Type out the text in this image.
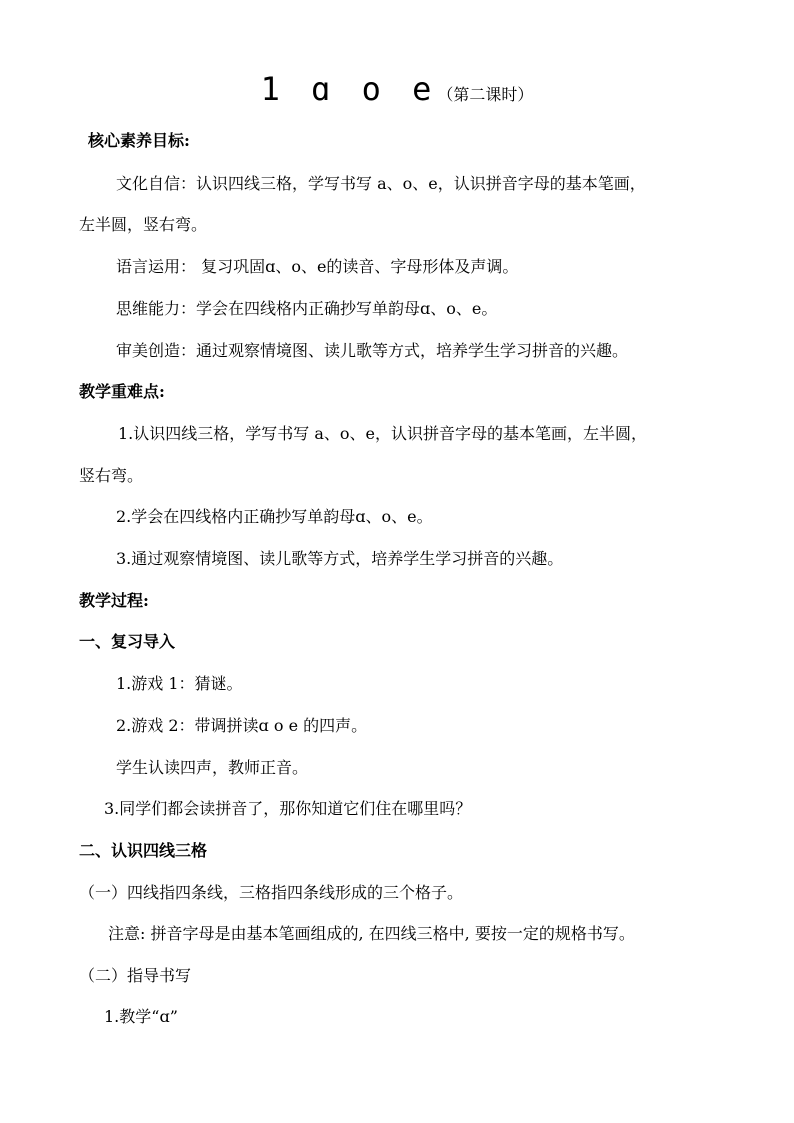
1 ɑ o e（第二课时）
核心素养目标:
文化自信：认识四线三格，学写书写 a、o、e，认识拼音字母的基本笔画，
左半圆，竖右弯。
语言运用： 复习巩固ɑ、o、e的读音、字母形体及声调。
思维能力：学会在四线格内正确抄写单韵母ɑ、o、e。
审美创造：通过观察情境图、读儿歌等方式，培养学生学习拼音的兴趣。
教学重难点:
1.认识四线三格，学写书写 a、o、e，认识拼音字母的基本笔画，左半圆，
竖右弯。
2.学会在四线格内正确抄写单韵母ɑ、o、e。
3.通过观察情境图、读儿歌等方式，培养学生学习拼音的兴趣。
教学过程:
一、复习导入
1.游戏 1：猜谜。
2.游戏 2：带调拼读ɑ o e 的四声。
学生认读四声，教师正音。
3.同学们都会读拼音了，那你知道它们住在哪里吗？
二、认识四线三格
（一）四线指四条线，三格指四条线形成的三个格子。
注意: 拼音字母是由基本笔画组成的, 在四线三格中, 要按一定的规格书写。
（二）指导书写
1.教学“ɑ”
